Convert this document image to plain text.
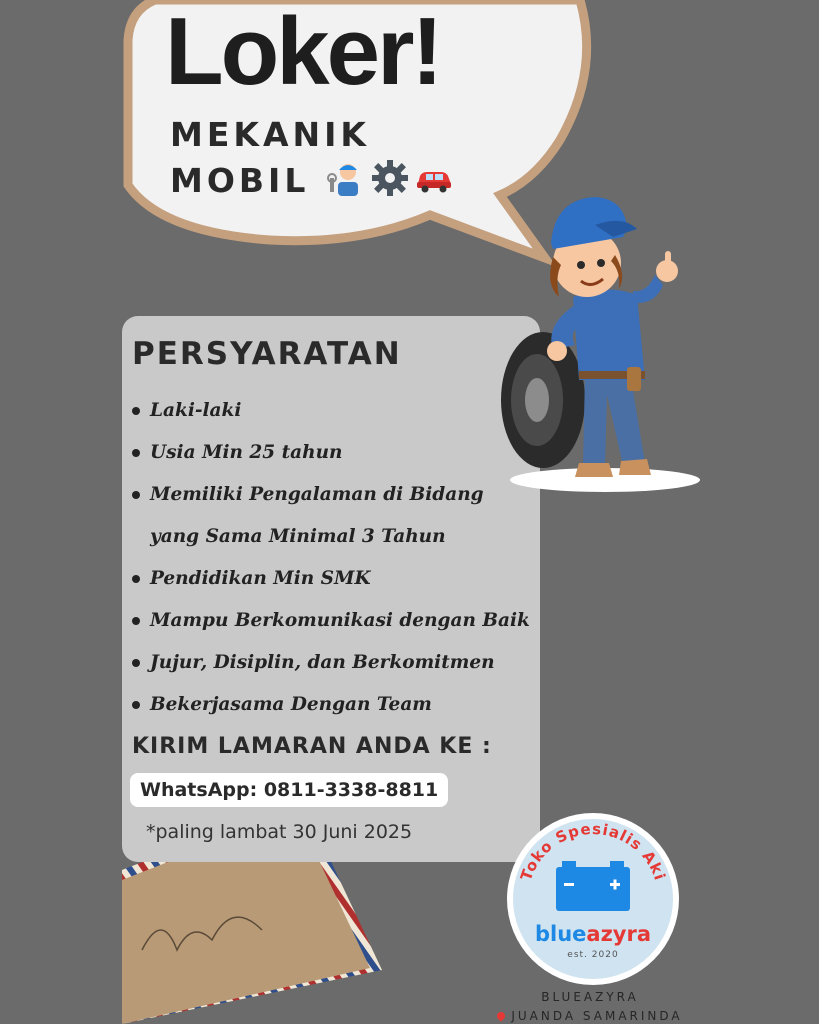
Loker!
MEKANIK
MOBIL
PERSYARATAN
Laki-laki
Usia Min 25 tahun
Memiliki Pengalaman di Bidang
yang Sama Minimal 3 Tahun
Pendidikan Min SMK
Mampu Berkomunikasi dengan Baik
Jujur, Disiplin, dan Berkomitmen
Bekerjasama Dengan Team
KIRIM LAMARAN ANDA KE :
WhatsApp: 0811-3338-8811
*paling lambat 30 Juni 2025
Toko Spesialis Aki
blueazyra
est. 2020
BLUEAZYRA
JUANDA SAMARINDA
